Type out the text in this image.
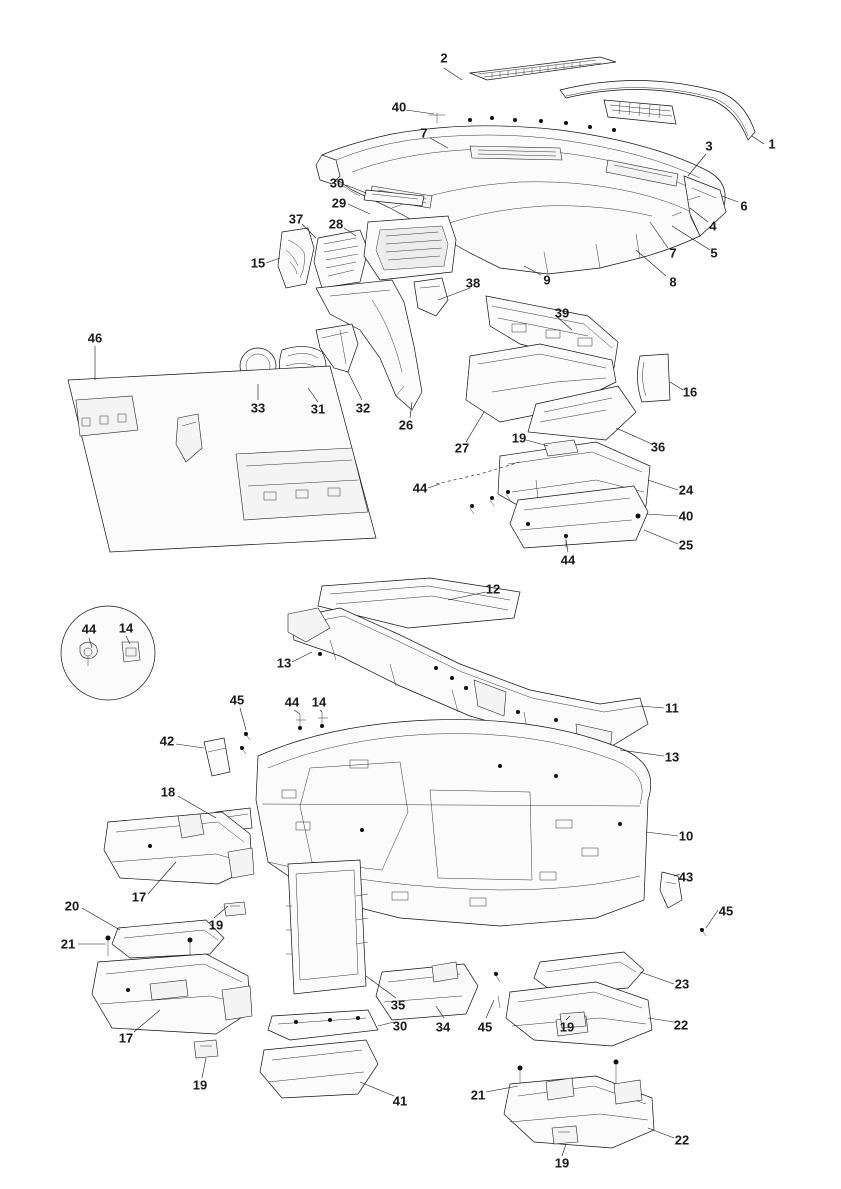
2
40
1
3
7
6
30
29
4
5
7
37 28
15
9	8
38
39
46
16
33	31 32
26
36
27
19
44	24
40
25
44
12
44 14
13
11
45	44 14
13
42
18
10
43
17
45
20
19
21
35
34 45
23
19	22
17
30
19
41	21
22
19
